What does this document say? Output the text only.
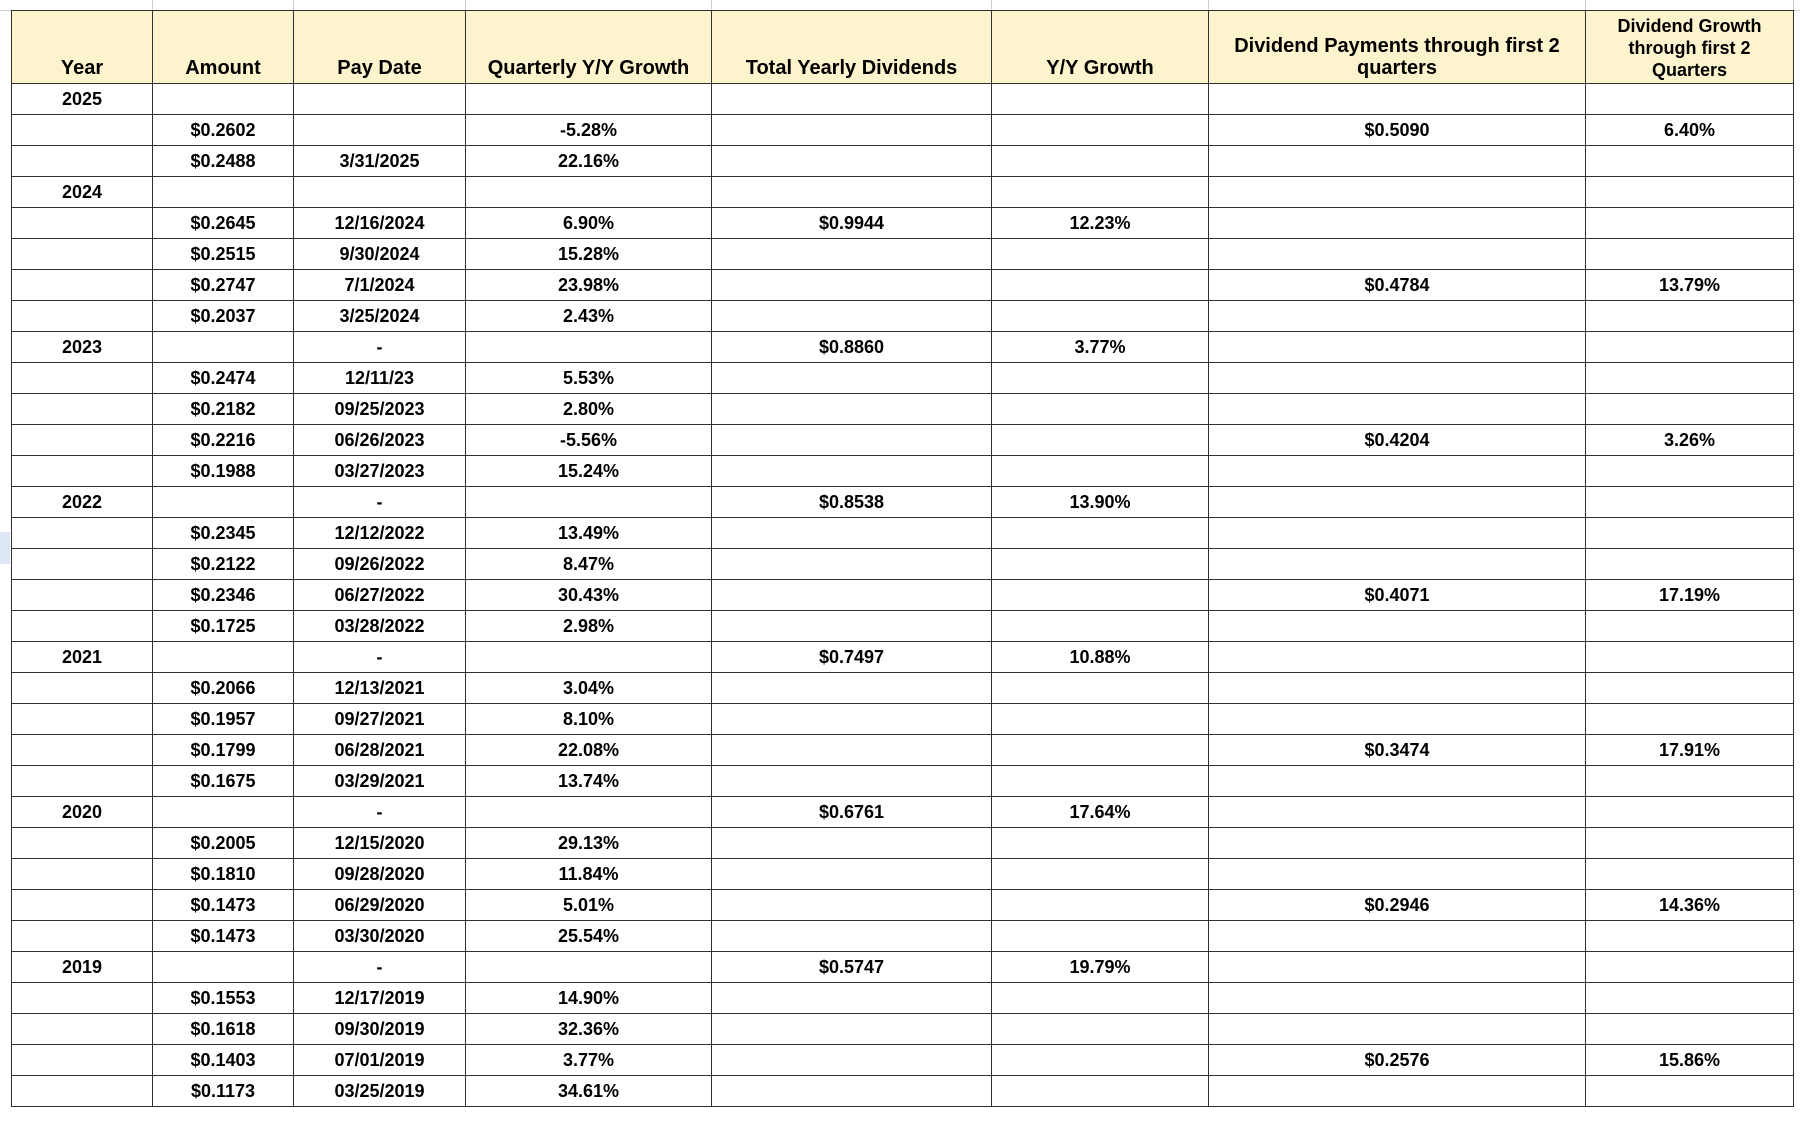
Year	Amount	Pay Date	Quarterly Y/Y Growth	Total Yearly Dividends	Y/Y Growth	Dividend Payments through first 2 quarters	Dividend Growth through first 2 Quarters
2025							
	$0.2602		-5.28%			$0.5090	6.40%
	$0.2488	3/31/2025	22.16%				
2024							
	$0.2645	12/16/2024	6.90%	$0.9944	12.23%		
	$0.2515	9/30/2024	15.28%				
	$0.2747	7/1/2024	23.98%			$0.4784	13.79%
	$0.2037	3/25/2024	2.43%				
2023		-		$0.8860	3.77%		
	$0.2474	12/11/23	5.53%				
	$0.2182	09/25/2023	2.80%				
	$0.2216	06/26/2023	-5.56%			$0.4204	3.26%
	$0.1988	03/27/2023	15.24%				
2022		-		$0.8538	13.90%		
	$0.2345	12/12/2022	13.49%				
	$0.2122	09/26/2022	8.47%				
	$0.2346	06/27/2022	30.43%			$0.4071	17.19%
	$0.1725	03/28/2022	2.98%				
2021		-		$0.7497	10.88%		
	$0.2066	12/13/2021	3.04%				
	$0.1957	09/27/2021	8.10%				
	$0.1799	06/28/2021	22.08%			$0.3474	17.91%
	$0.1675	03/29/2021	13.74%				
2020		-		$0.6761	17.64%		
	$0.2005	12/15/2020	29.13%				
	$0.1810	09/28/2020	11.84%				
	$0.1473	06/29/2020	5.01%			$0.2946	14.36%
	$0.1473	03/30/2020	25.54%				
2019		-		$0.5747	19.79%		
	$0.1553	12/17/2019	14.90%				
	$0.1618	09/30/2019	32.36%				
	$0.1403	07/01/2019	3.77%			$0.2576	15.86%
	$0.1173	03/25/2019	34.61%				
